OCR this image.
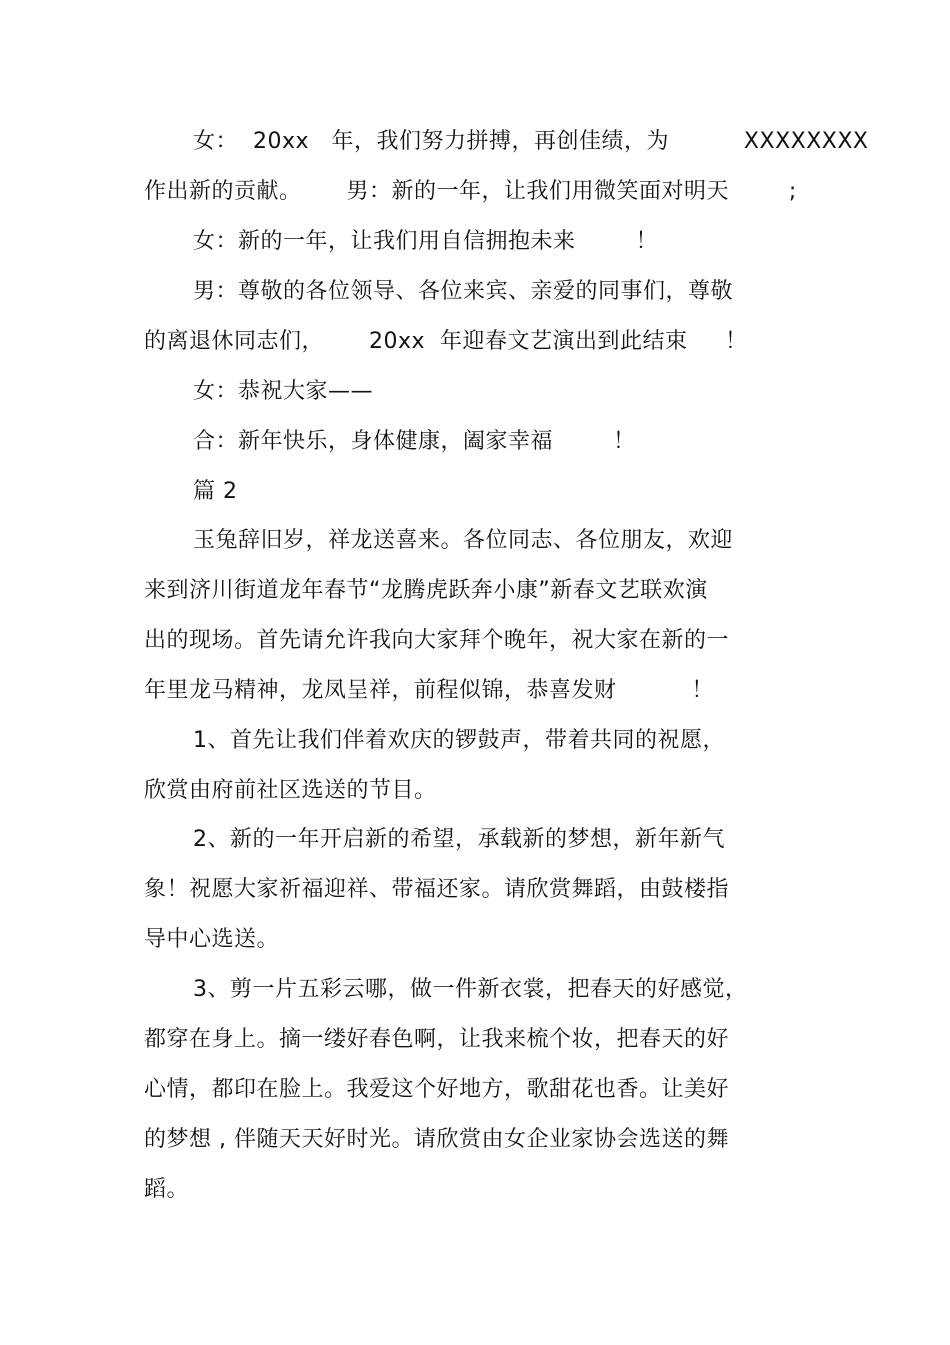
女：  20xx   年，我们努力拼搏，再创佳绩，为          XXXXXXXX
作出新的贡献。      男：新的一年，让我们用微笑面对明天        ;
女：新的一年，让我们用自信拥抱未来        ！
男：尊敬的各位领导、各位来宾、亲爱的同事们，尊敬
的离退休同志们，      20xx  年迎春文艺演出到此结束     ！
女：恭祝大家——
合：新年快乐，身体健康，阖家幸福        ！
篇 2
玉兔辞旧岁，祥龙送喜来。各位同志、各位朋友，欢迎
来到济川街道龙年春节“龙腾虎跃奔小康”新春文艺联欢演
出的现场。首先请允许我向大家拜个晚年，祝大家在新的一
年里龙马精神，龙凤呈祥，前程似锦，恭喜发财          ！
1、首先让我们伴着欢庆的锣鼓声，带着共同的祝愿，
欣赏由府前社区选送的节目。
2、新的一年开启新的希望，承载新的梦想，新年新气
象！祝愿大家祈福迎祥、带福还家。请欣赏舞蹈，由鼓楼指
导中心选送。
3、剪一片五彩云哪，做一件新衣裳，把春天的好感觉，
都穿在身上。摘一缕好春色啊，让我来梳个妆，把春天的好
心情，都印在脸上。我爱这个好地方，歌甜花也香。让美好
的梦想 , 伴随天天好时光。请欣赏由女企业家协会选送的舞
蹈。
